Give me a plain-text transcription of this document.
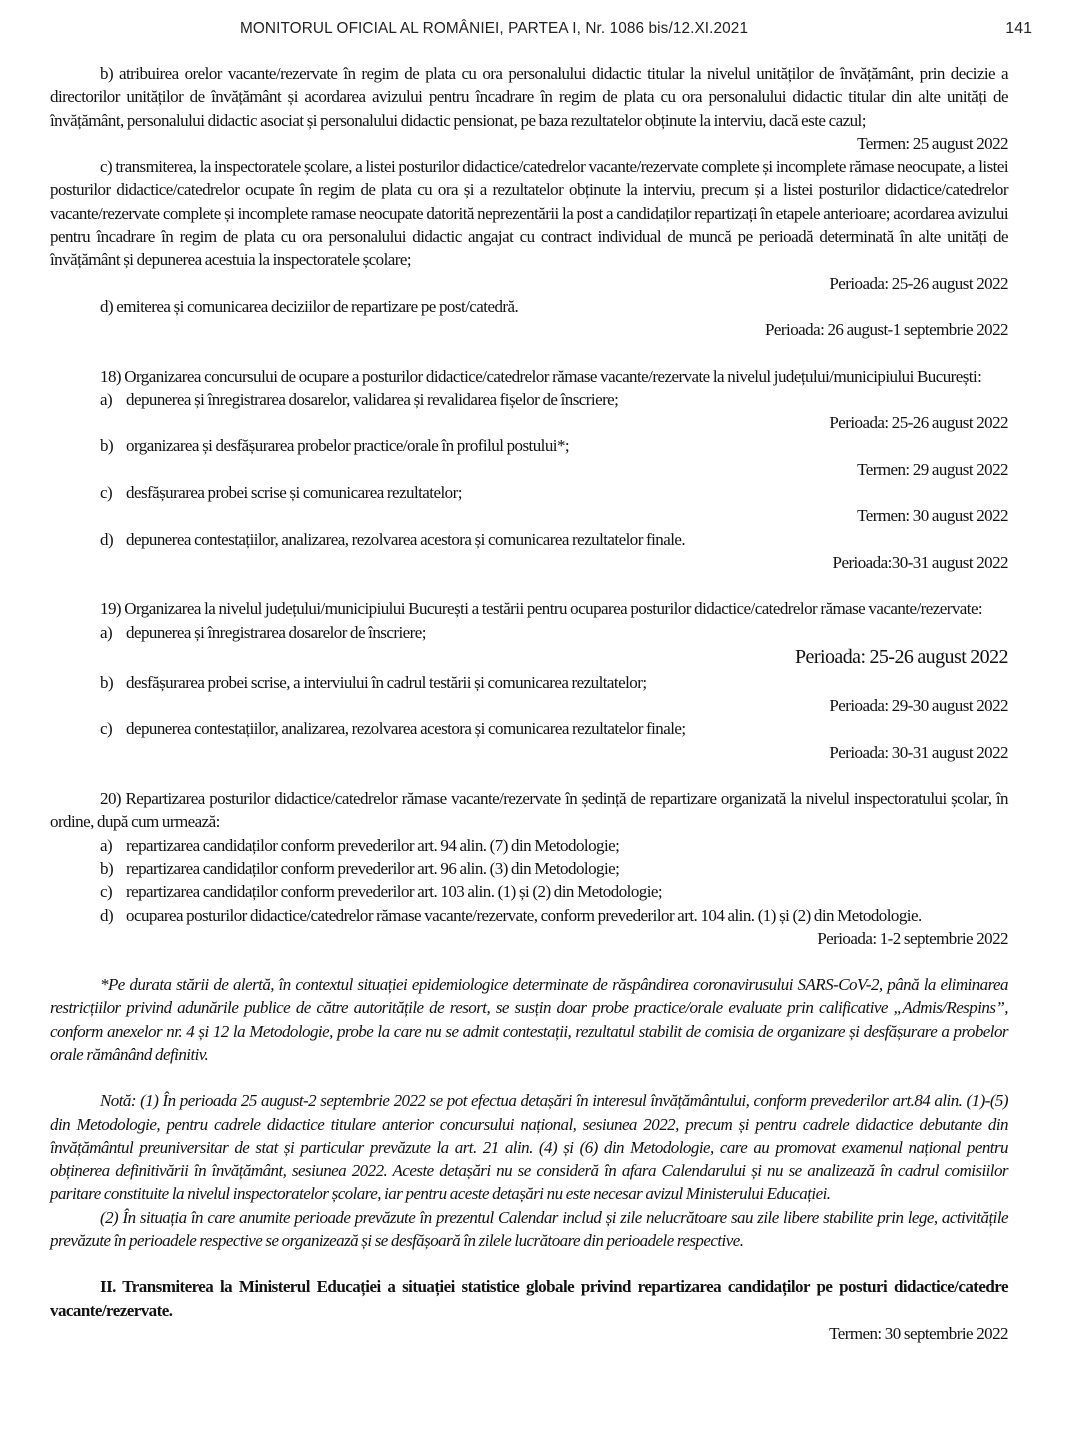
MONITORUL OFICIAL AL ROMÂNIEI, PARTEA I, Nr. 1086 bis/12.XI.2021	141

b) atribuirea orelor vacante/rezervate în regim de plata cu ora personalului didactic titular la nivelul unităților de învățământ, prin decizie a directorilor unităților de învățământ și acordarea avizului pentru încadrare în regim de plata cu ora personalului didactic titular din alte unități de învățământ, personalului didactic asociat și personalului didactic pensionat, pe baza rezultatelor obținute la interviu, dacă este cazul;

Termen: 25 august 2022

c) transmiterea, la inspectoratele școlare, a listei posturilor didactice/catedrelor vacante/rezervate complete și incomplete rămase neocupate, a listei posturilor didactice/catedrelor ocupate în regim de plata cu ora și a rezultatelor obținute la interviu, precum și a listei posturilor didactice/catedrelor vacante/rezervate complete și incomplete ramase neocupate datorită neprezentării la post a candidaților repartizați în etapele anterioare; acordarea avizului pentru încadrare în regim de plata cu ora personalului didactic angajat cu contract individual de muncă pe perioadă determinată în alte unități de învățământ și depunerea acestuia la inspectoratele școlare;

Perioada: 25-26 august 2022

d) emiterea și comunicarea deciziilor de repartizare pe post/catedră.

Perioada: 26 august-1 septembrie 2022

18) Organizarea concursului de ocupare a posturilor didactice/catedrelor rămase vacante/rezervate la nivelul județului/municipiului București:

a) depunerea și înregistrarea dosarelor, validarea și revalidarea fișelor de înscriere;

Perioada: 25-26 august 2022

b) organizarea și desfășurarea probelor practice/orale în profilul postului*;

Termen: 29 august 2022

c) desfășurarea probei scrise și comunicarea rezultatelor;

Termen: 30 august 2022

d) depunerea contestațiilor, analizarea, rezolvarea acestora și comunicarea rezultatelor finale.

Perioada:30-31 august 2022

19) Organizarea la nivelul județului/municipiului București a testării pentru ocuparea posturilor didactice/catedrelor rămase vacante/rezervate:

a) depunerea și înregistrarea dosarelor de înscriere;

Perioada: 25-26 august 2022

b) desfășurarea probei scrise, a interviului în cadrul testării și comunicarea rezultatelor;

Perioada: 29-30 august 2022

c) depunerea contestațiilor, analizarea, rezolvarea acestora și comunicarea rezultatelor finale;

Perioada: 30-31 august 2022

20) Repartizarea posturilor didactice/catedrelor rămase vacante/rezervate în ședință de repartizare organizată la nivelul inspectoratului școlar, în ordine, după cum urmează:

a) repartizarea candidaților conform prevederilor art. 94 alin. (7) din Metodologie;

b) repartizarea candidaților conform prevederilor art. 96 alin. (3) din Metodologie;

c) repartizarea candidaților conform prevederilor art. 103 alin. (1) și (2) din Metodologie;

d) ocuparea posturilor didactice/catedrelor rămase vacante/rezervate, conform prevederilor art. 104 alin. (1) și (2) din Metodologie.

Perioada: 1-2 septembrie 2022

*Pe durata stării de alertă, în contextul situației epidemiologice determinate de răspândirea coronavirusului SARS-CoV-2, până la eliminarea restricțiilor privind adunările publice de către autoritățile de resort, se susțin doar probe practice/orale evaluate prin calificative „Admis/Respins”, conform anexelor nr. 4 și 12 la Metodologie, probe la care nu se admit contestații, rezultatul stabilit de comisia de organizare și desfășurare a probelor orale rămânând definitiv.

Notă: (1) În perioada 25 august-2 septembrie 2022 se pot efectua detașări în interesul învățământului, conform prevederilor art.84 alin. (1)-(5) din Metodologie, pentru cadrele didactice titulare anterior concursului național, sesiunea 2022, precum și pentru cadrele didactice debutante din învățământul preuniversitar de stat și particular prevăzute la art. 21 alin. (4) și (6) din Metodologie, care au promovat examenul național pentru obținerea definitivării în învățământ, sesiunea 2022. Aceste detașări nu se consideră în afara Calendarului și nu se analizează în cadrul comisiilor paritare constituite la nivelul inspectoratelor școlare, iar pentru aceste detașări nu este necesar avizul Ministerului Educației.

(2) În situația în care anumite perioade prevăzute în prezentul Calendar includ și zile nelucrătoare sau zile libere stabilite prin lege, activitățile prevăzute în perioadele respective se organizează și se desfășoară în zilele lucrătoare din perioadele respective.

II. Transmiterea la Ministerul Educației a situației statistice globale privind repartizarea candidaților pe posturi didactice/catedre vacante/rezervate.

Termen: 30 septembrie 2022
